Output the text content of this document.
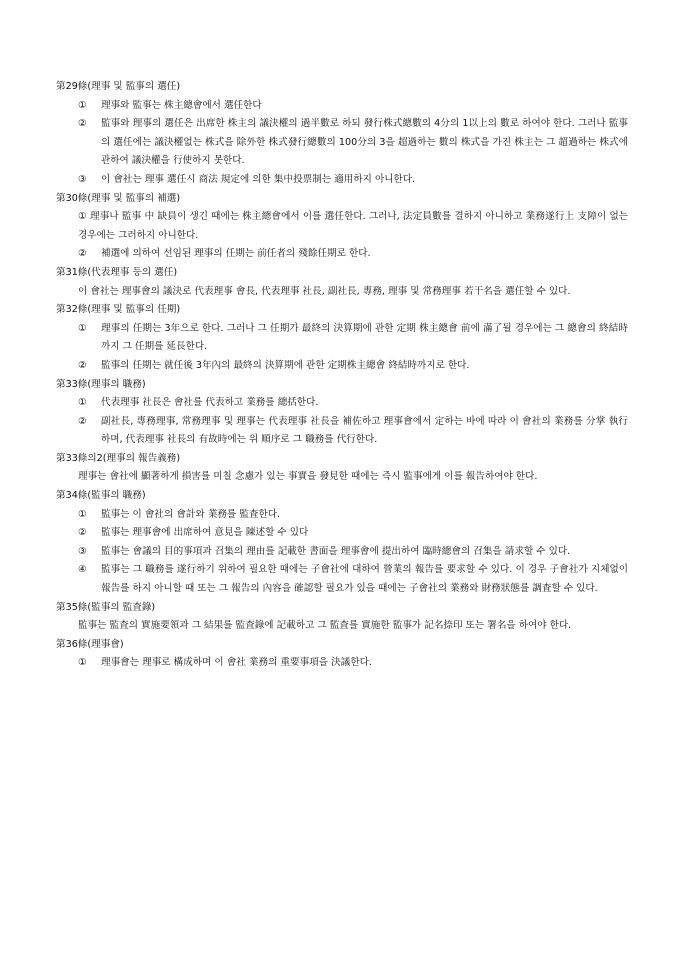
第29條(理事 및 監事의 選任)
① 理事와 監事는 株主總會에서 選任한다
② 監事와 理事의 選任은 出席한 株主의 議決權의 過半數로 하되 發行株式總數의 4分의 1以上의 數로 하여야 한다. 그러나 監事의 選任에는 議決權없는 株式을 除外한 株式發行總數의 100分의 3을 超過하는 數의 株式을 가진 株主는 그 超過하는 株式에 관하여 議決權을 行使하지 못한다.
③ 이 會社는 理事 選任시 商法 規定에 의한 集中投票制는 適用하지 아니한다.
第30條(理事 및 監事의 補選)
① 理事나 監事 中 缺員이 생긴 때에는 株主總會에서 이를 選任한다. 그러나, 法定員數를 결하지 아니하고 業務遂行上 支障이 없는 경우에는 그러하지 아니한다.
② 補選에 의하여 선임된 理事의 任期는 前任者의 殘餘任期로 한다.
第31條(代表理事 등의 選任)
이 會社는 理事會의 議決로 代表理事 會長, 代表理事 社長, 副社長, 專務, 理事 및 常務理事 若干名을 選任할 수 있다.
第32條(理事 및 監事의 任期)
① 理事의 任期는 3年으로 한다. 그러나 그 任期가 最終의 決算期에 관한 定期 株主總會 前에 滿了될 경우에는 그 總會의 終結時까지 그 任期를 延長한다.
② 監事의 任期는 就任後 3年內의 最終의 決算期에 관한 定期株主總會 終結時까지로 한다.
第33條(理事의 職務)
① 代表理事 社長은 會社를 代表하고 業務를 總括한다.
② 副社長, 專務理事, 常務理事 및 理事는 代表理事 社長을 補佐하고 理事會에서 定하는 바에 따라 이 會社의 業務를 分掌 執行하며, 代表理事 社長의 有故時에는 위 順序로 그 職務를 代行한다.
第33條의2(理事의 報告義務)
理事는 會社에 顯著하게 損害를 미칠 念慮가 있는 事實을 發見한 때에는 즉시 監事에게 이를 報告하여야 한다.
第34條(監事의 職務)
① 監事는 이 會社의 會計와 業務를 監査한다.
② 監事는 理事會에 出席하여 意見을 陳述할 수 있다
③ 監事는 會議의 目的事項과 召集의 理由를 記載한 書面을 理事會에 提出하여 臨時總會의 召集을 請求할 수 있다.
④ 監事는 그 職務를 遂行하기 위하여 필요한 때에는 子會社에 대하여 營業의 報告를 要求할 수 있다. 이 경우 子會社가 지체없이 報告를 하지 아니할 때 또는 그 報告의 內容을 確認할 필요가 있을 때에는 子會社의 業務와 財務狀態를 調査할 수 있다.
第35條(監事의 監査錄)
監事는 監査의 實施要領과 그 結果를 監査錄에 記載하고 그 監査를 實施한 監事가 記名捺印 또는 署名을 하여야 한다.
第36條(理事會)
① 理事會는 理事로 構成하며 이 會社 業務의 重要事項을 決議한다.
